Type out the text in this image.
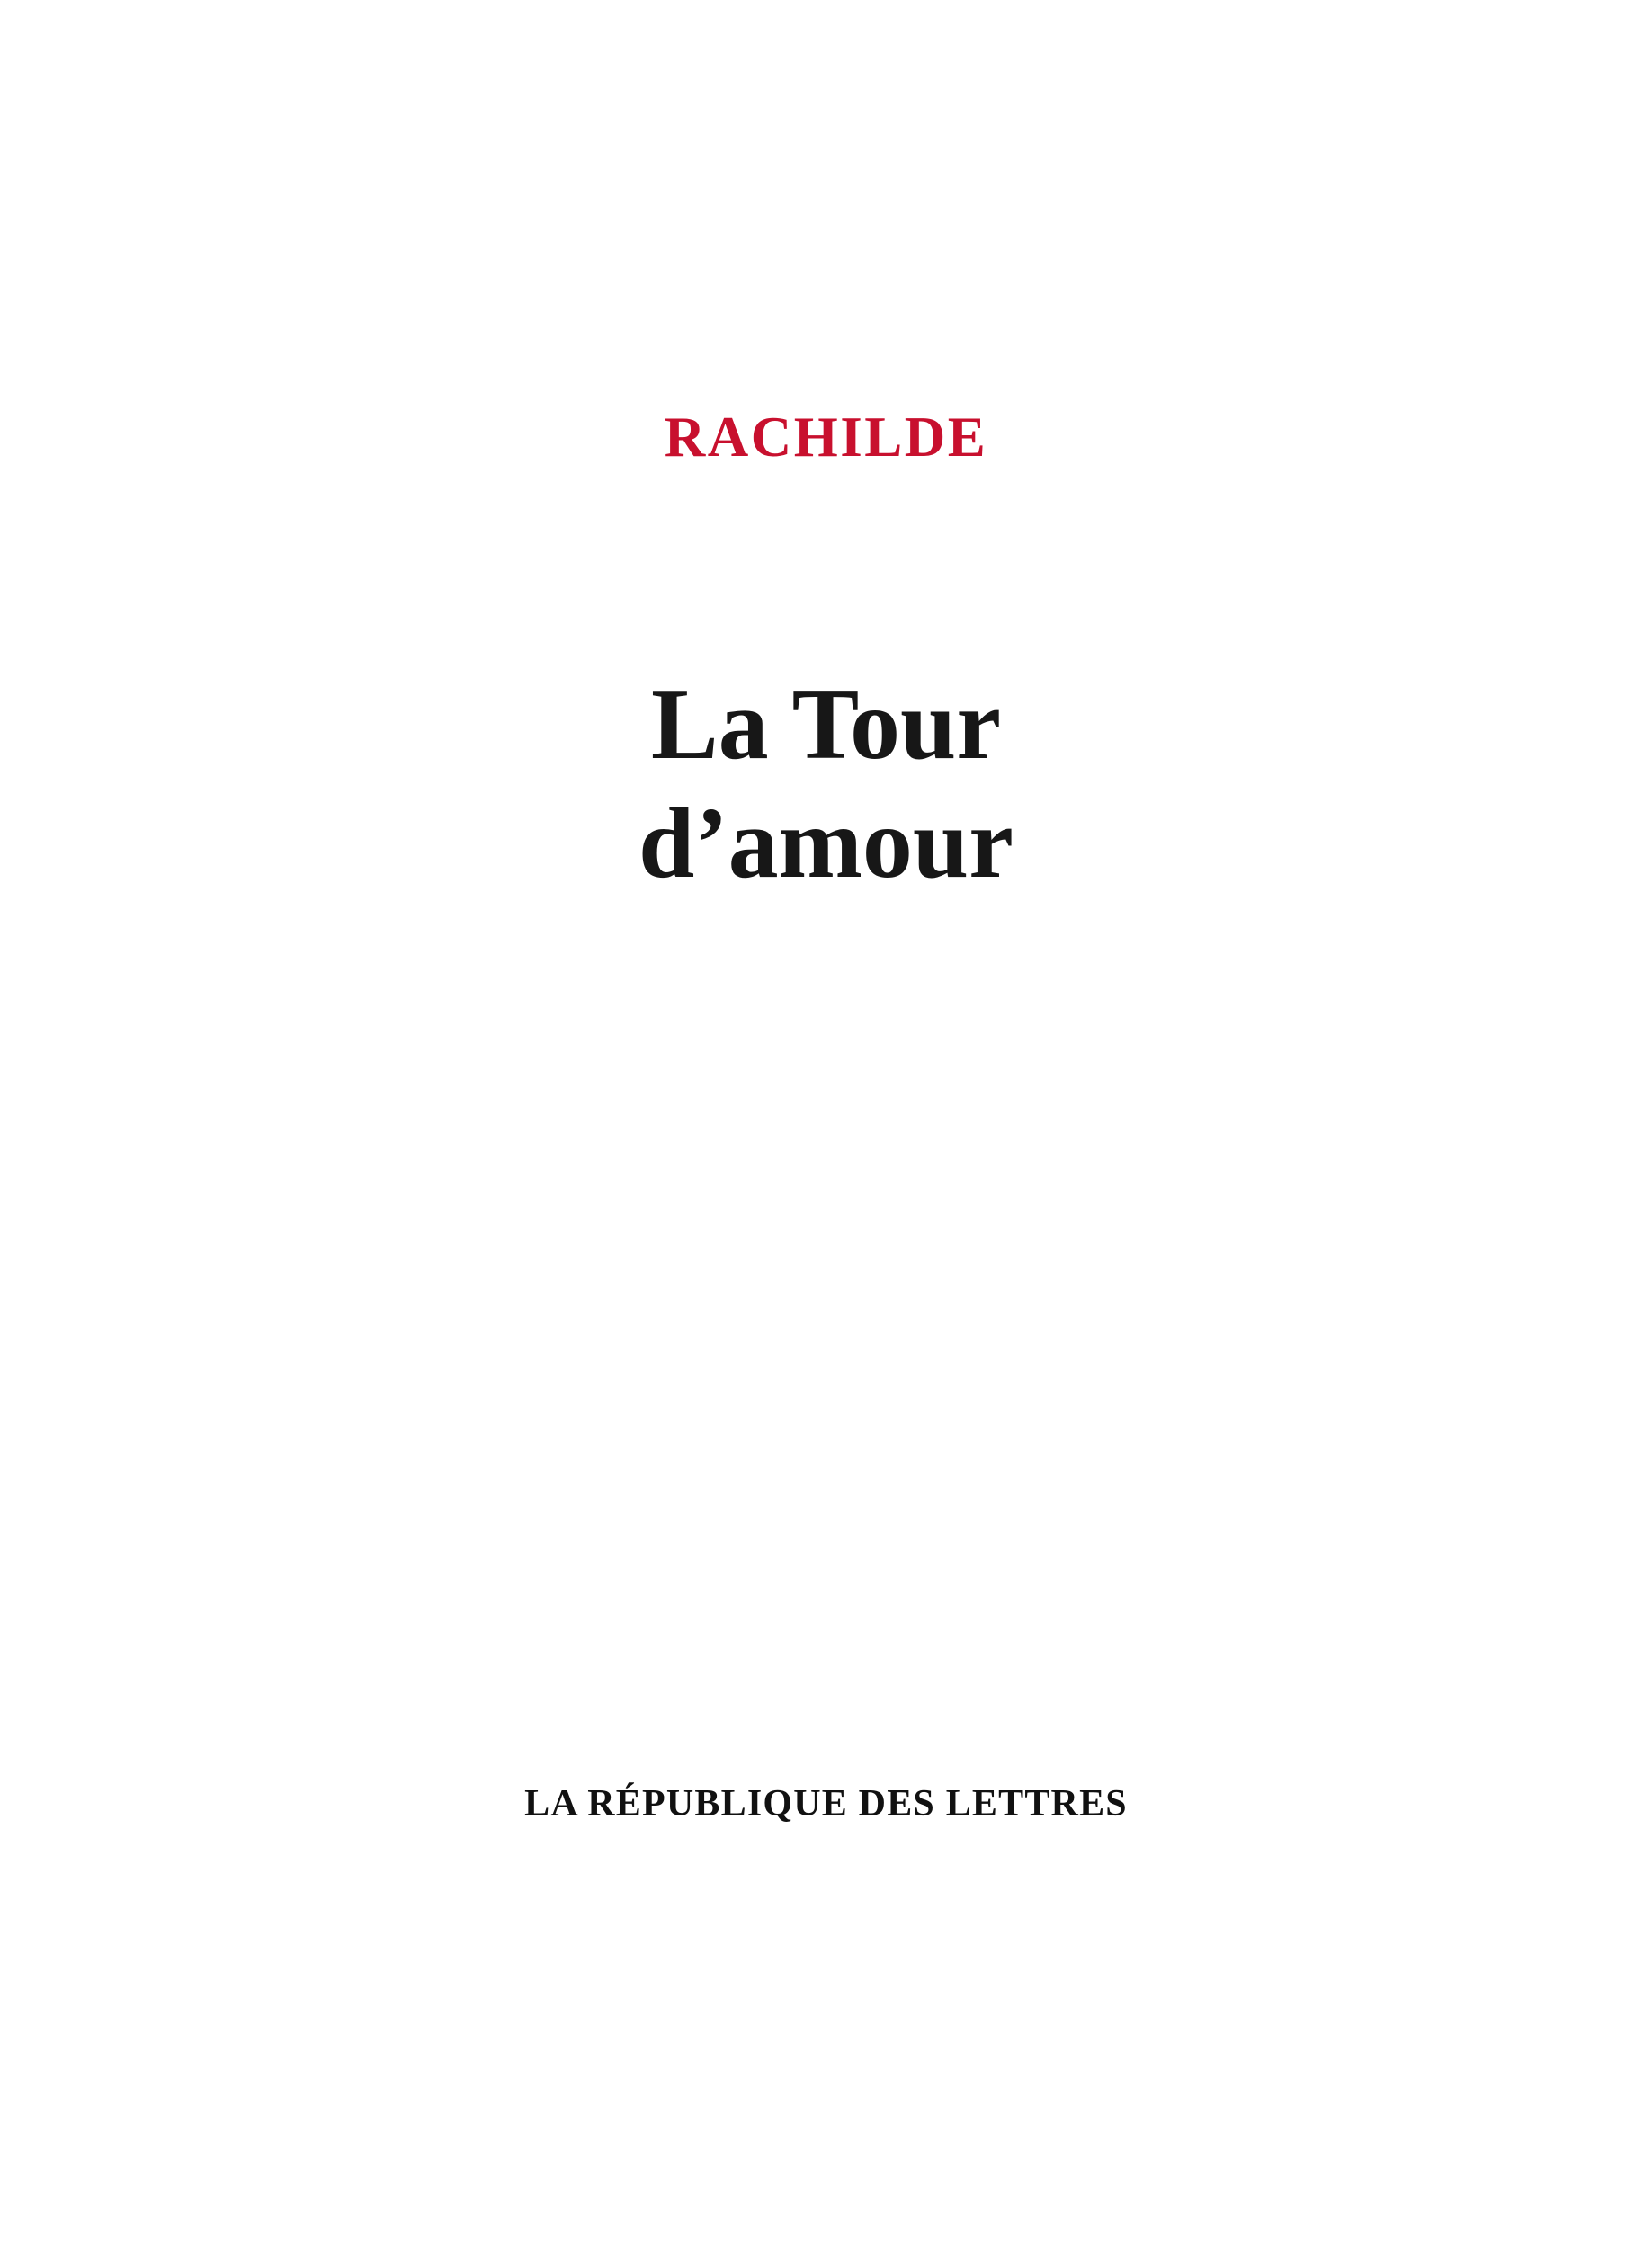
RACHILDE
La Tour
d’amour
LA RÉPUBLIQUE DES LETTRES
